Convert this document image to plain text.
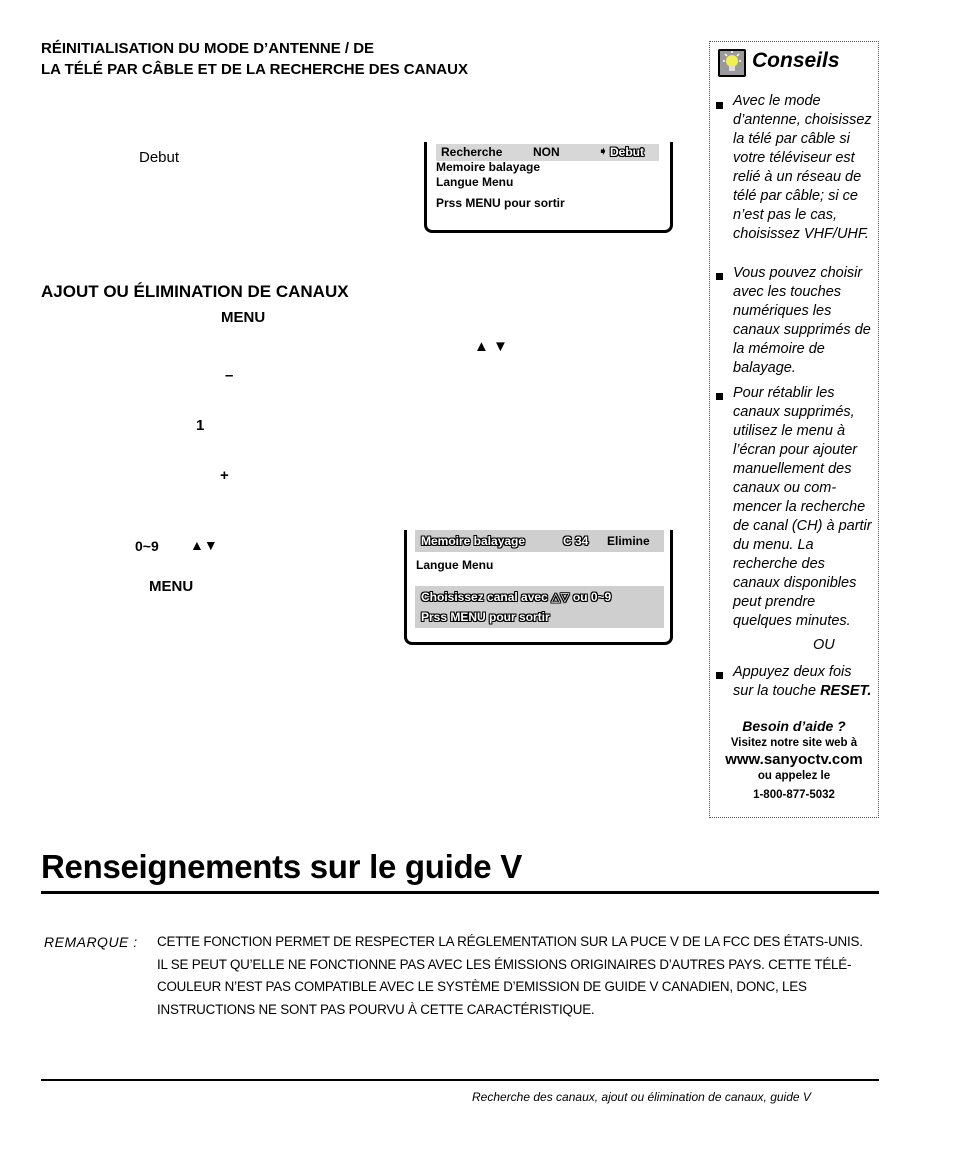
RÉINITIALISATION DU MODE D’ANTENNE / DE
LA TÉLÉ PAR CÂBLE ET DE LA RECHERCHE DES CANAUX
Debut	Recherche	NON	➧ Debut
Memoire balayage
Langue Menu
Prss MENU pour sortir
AJOUT OU ÉLIMINATION DE CANAUX
MENU
▲ ▼
–
1
+
0~9 ▲▼
MENU
Memoire balayage	C 34 Elimine
Langue Menu
Choisissez canal avec △▽ ou 0~9
Prss MENU pour sortir
Conseils
Avec le mode
d’antenne, choisissez
la télé par câble si
votre téléviseur est
relié à un réseau de
télé par câble; si ce
n’est pas le cas,
choisissez VHF/UHF.
Vous pouvez choisir
avec les touches
numériques les
canaux supprimés de
la mémoire de
balayage.
Pour rétablir les
canaux supprimés,
utilisez le menu à
l’écran pour ajouter
manuellement des
canaux ou com-
mencer la recherche
de canal (CH) à partir
du menu. La
recherche des
canaux disponibles
peut prendre
quelques minutes.
OU
Appuyez deux fois
sur la touche RESET.
Besoin d’aide ?
Visitez notre site web à
www.sanyoctv.com
ou appelez le
1-800-877-5032
Renseignements sur le guide V
REMARQUE : CETTE FONCTION PERMET DE RESPECTER LA RÉGLEMENTATION SUR LA PUCE V DE LA FCC DES ÉTATS-UNIS.
IL SE PEUT QU’ELLE NE FONCTIONNE PAS AVEC LES ÉMISSIONS ORIGINAIRES D’AUTRES PAYS. CETTE TÉLÉ-
COULEUR N’EST PAS COMPATIBLE AVEC LE SYSTÈME D’EMISSION DE GUIDE V CANADIEN, DONC, LES
INSTRUCTIONS NE SONT PAS POURVU À CETTE CARACTÉRISTIQUE.
Recherche des canaux, ajout ou élimination de canaux, guide V
